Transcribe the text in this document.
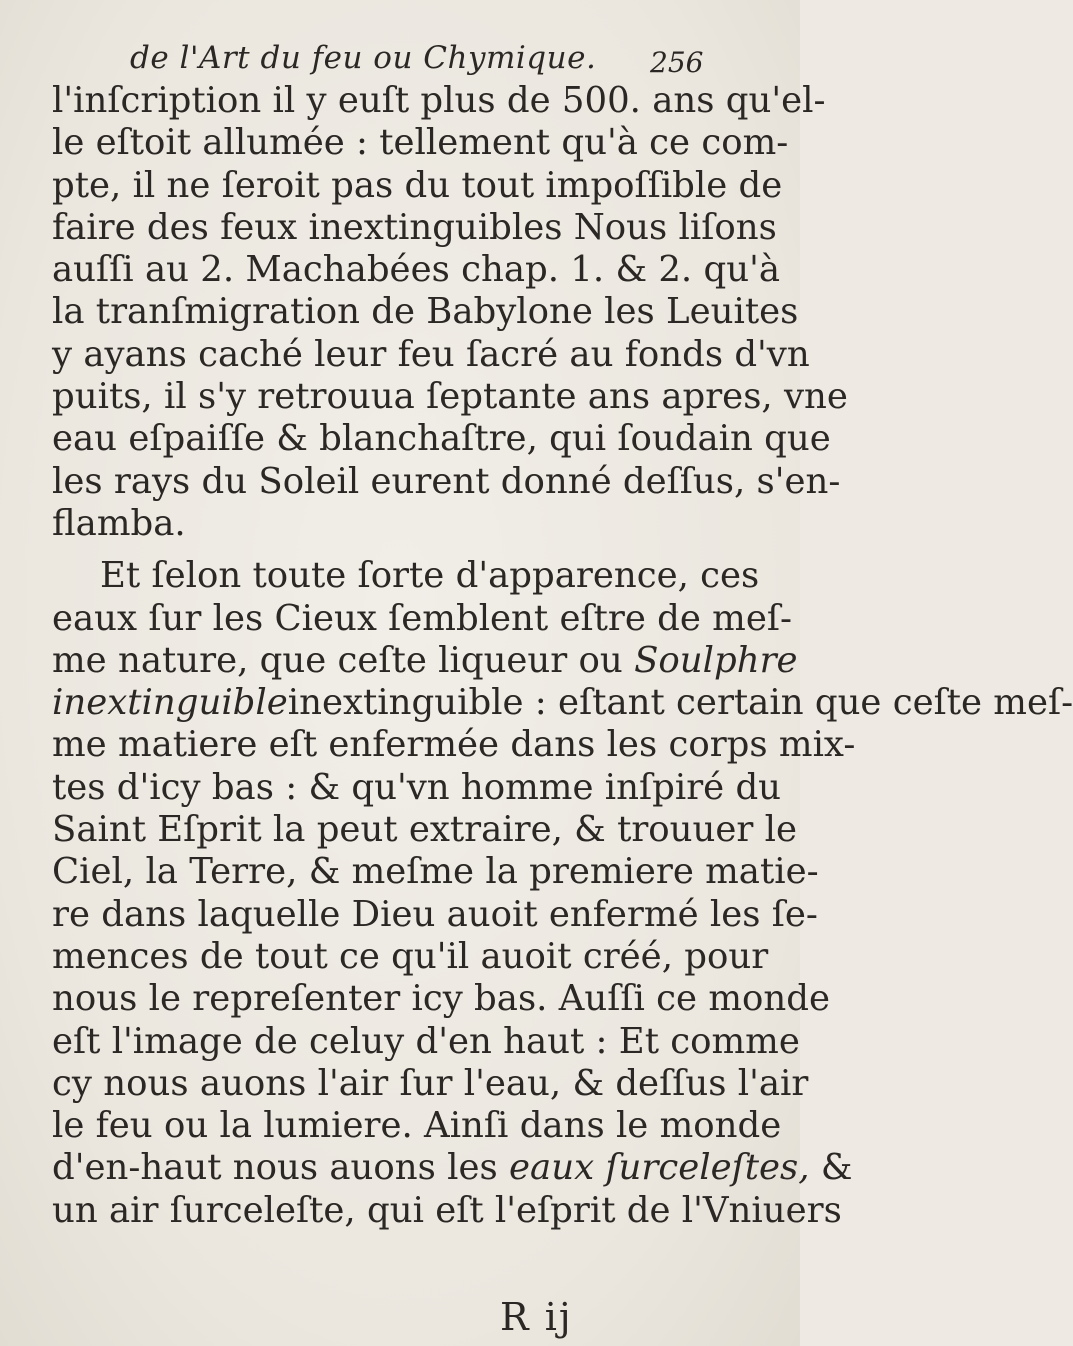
de l'Art du feu ou Chymique. 256
l'inſcription il y euſt plus de 500. ans qu'el-
le eſtoit allumée : tellement qu'à ce com-
pte, il ne ſeroit pas du tout impoſſible de
faire des feux inextinguibles Nous liſons
auſſi au 2. Machabées chap. 1. & 2. qu'à
la tranſmigration de Babylone les Leuites
y ayans caché leur feu ſacré au fonds d'vn
puits, il s'y retrouua ſeptante ans apres, vne
eau eſpaiſſe & blanchaſtre, qui ſoudain que
les rays du Soleil eurent donné deſſus, s'en-
flamba.
Et ſelon toute ſorte d'apparence, ces
eaux ſur les Cieux ſemblent eſtre de meſ-
me nature, que ceſte liqueur ou Soulphre
inextinguibleinextinguible : eſtant certain que ceſte meſ-
me matiere eſt enfermée dans les corps mix-
tes d'icy bas : & qu'vn homme inſpiré du
Saint Eſprit la peut extraire, & trouuer le
Ciel, la Terre, & meſme la premiere matie-
re dans laquelle Dieu auoit enfermé les ſe-
mences de tout ce qu'il auoit créé, pour
nous le repreſenter icy bas. Auſſi ce monde
eſt l'image de celuy d'en haut : Et comme
cy nous auons l'air ſur l'eau, & deſſus l'air
le feu ou la lumiere. Ainſi dans le monde
d'en-haut nous auons les eaux ſurceleſtes, &
un air ſurceleſte, qui eſt l'eſprit de l'Vniuers
R ij
